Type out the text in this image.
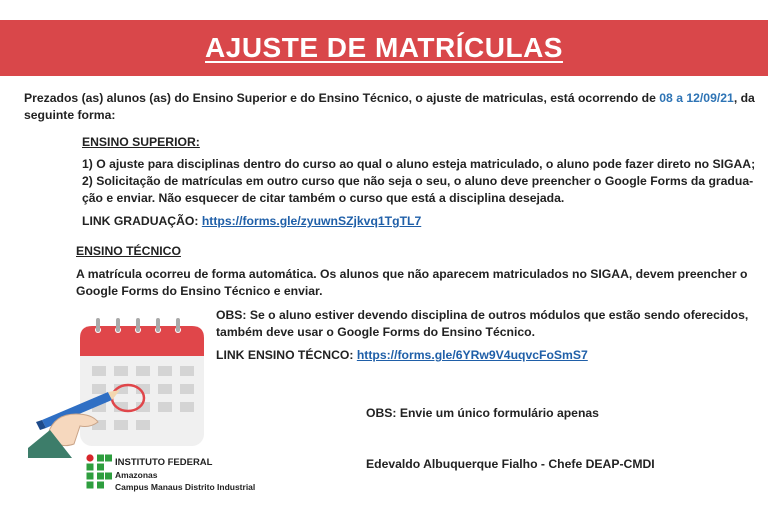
AJUSTE DE MATRÍCULAS
Prezados (as) alunos (as) do Ensino Superior e do Ensino Técnico, o ajuste de matriculas, está ocorrendo de 08 a 12/09/21, da
seguinte forma:
ENSINO SUPERIOR:
1) O ajuste para disciplinas dentro do curso ao qual o aluno esteja matriculado, o aluno pode fazer direto no SIGAA;
2) Solicitação de matrículas em outro curso que não seja o seu, o aluno deve preencher o Google Forms da gradua-
ção e enviar. Não esquecer de citar também o curso que está a disciplina desejada.
LINK GRADUAÇÃO: https://forms.gle/zyuwnSZjkvq1TgTL7
ENSINO TÉCNICO
A matrícula ocorreu de forma automática. Os alunos que não aparecem matriculados no SIGAA, devem preencher o
Google Forms do Ensino Técnico e enviar.
OBS: Se o aluno estiver devendo disciplina de outros módulos que estão sendo oferecidos,
também deve usar o Google Forms do Ensino Técnico.
LINK ENSINO TÉCNCO: https://forms.gle/6YRw9V4uqvcFoSmS7
OBS: Envie um único formulário apenas
Edevaldo Albuquerque Fialho - Chefe DEAP-CMDI
INSTITUTO FEDERAL
Amazonas
Campus Manaus Distrito Industrial
